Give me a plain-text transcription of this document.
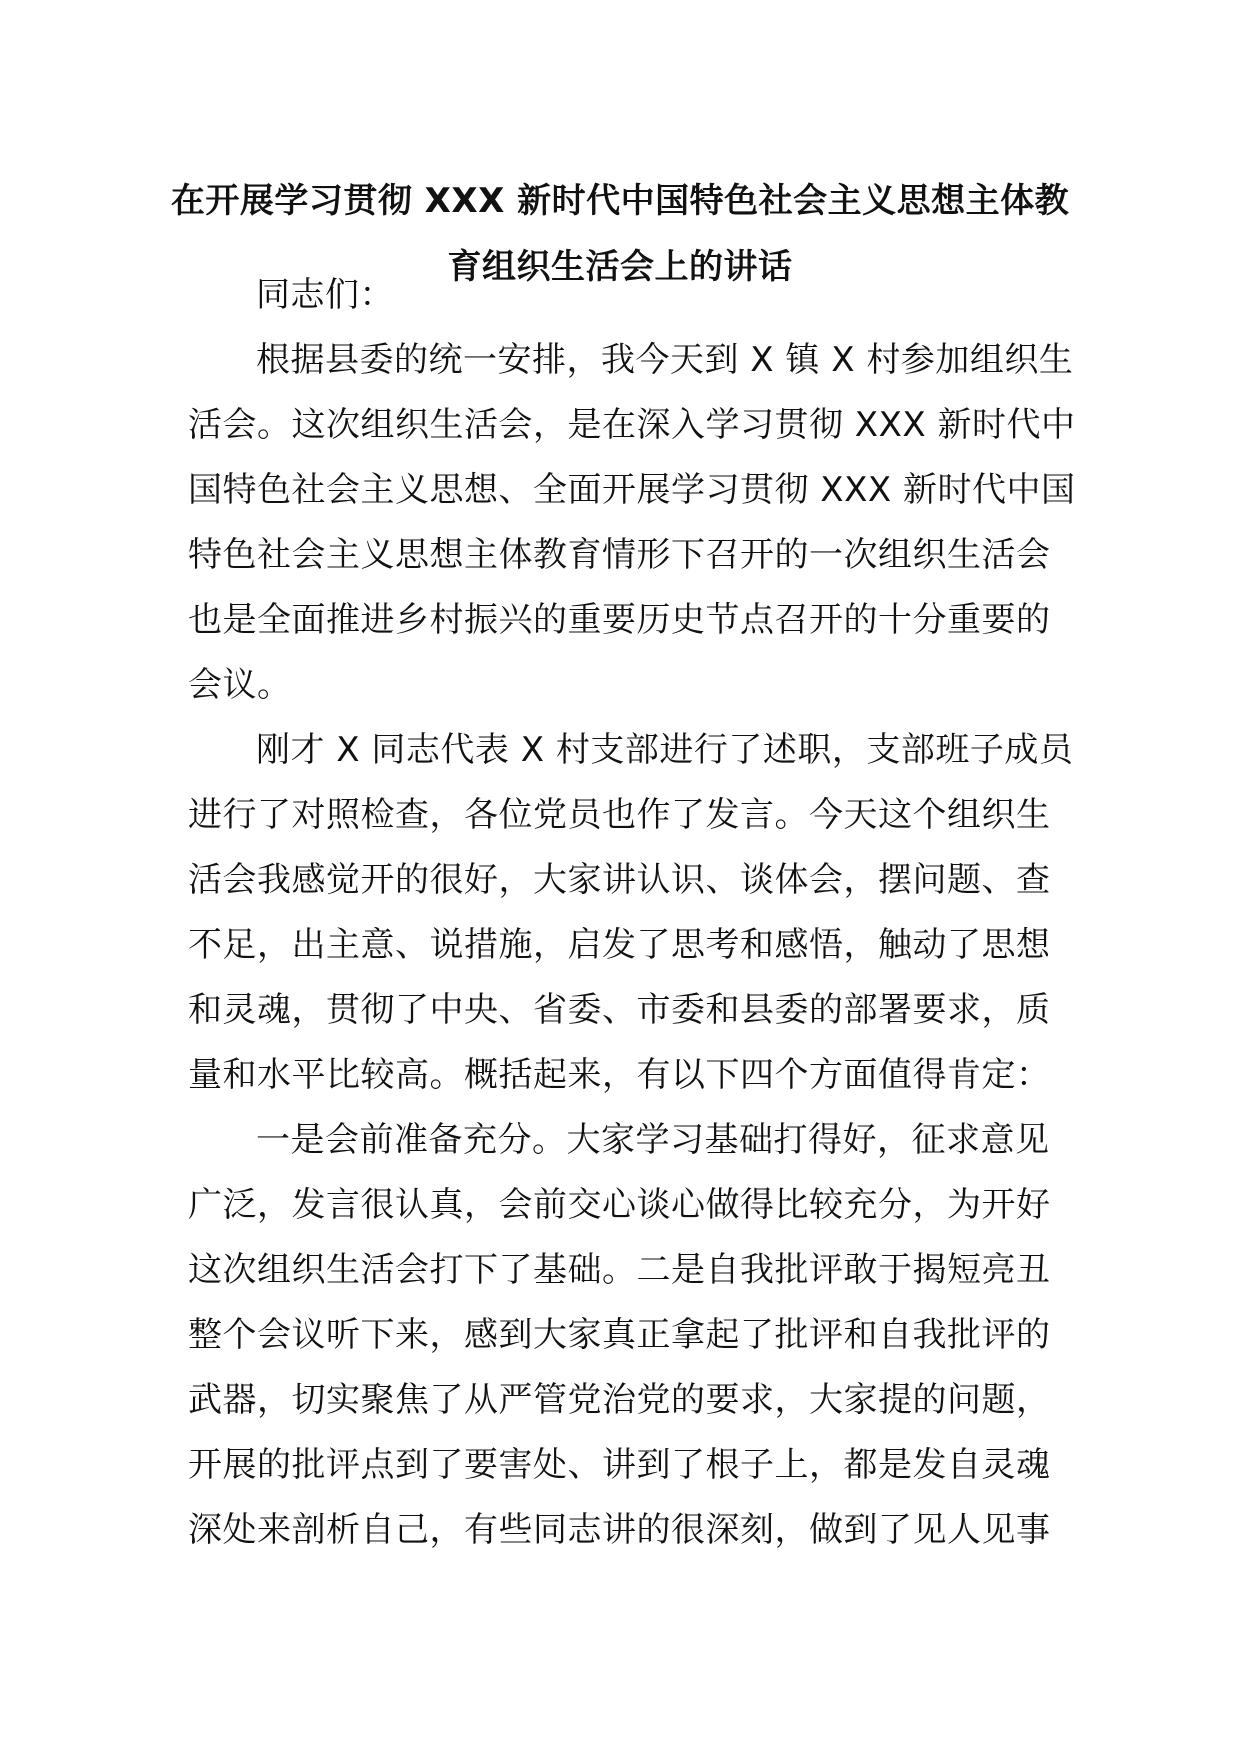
在开展学习贯彻 XXX 新时代中国特色社会主义思想主体教
育组织生活会上的讲话

同志们：

根据县委的统一安排，我今天到 X 镇 X 村参加组织生
活会。这次组织生活会，是在深入学习贯彻 XXX 新时代中
国特色社会主义思想、全面开展学习贯彻 XXX 新时代中国
特色社会主义思想主体教育情形下召开的一次组织生活会
也是全面推进乡村振兴的重要历史节点召开的十分重要的
会议。

刚才 X 同志代表 X 村支部进行了述职，支部班子成员
进行了对照检查，各位党员也作了发言。今天这个组织生
活会我感觉开的很好，大家讲认识、谈体会，摆问题、查
不足，出主意、说措施，启发了思考和感悟，触动了思想
和灵魂，贯彻了中央、省委、市委和县委的部署要求，质
量和水平比较高。概括起来，有以下四个方面值得肯定：

一是会前准备充分。大家学习基础打得好，征求意见
广泛，发言很认真，会前交心谈心做得比较充分，为开好
这次组织生活会打下了基础。二是自我批评敢于揭短亮丑
整个会议听下来，感到大家真正拿起了批评和自我批评的
武器，切实聚焦了从严管党治党的要求，大家提的问题，
开展的批评点到了要害处、讲到了根子上，都是发自灵魂
深处来剖析自己，有些同志讲的很深刻，做到了见人见事
